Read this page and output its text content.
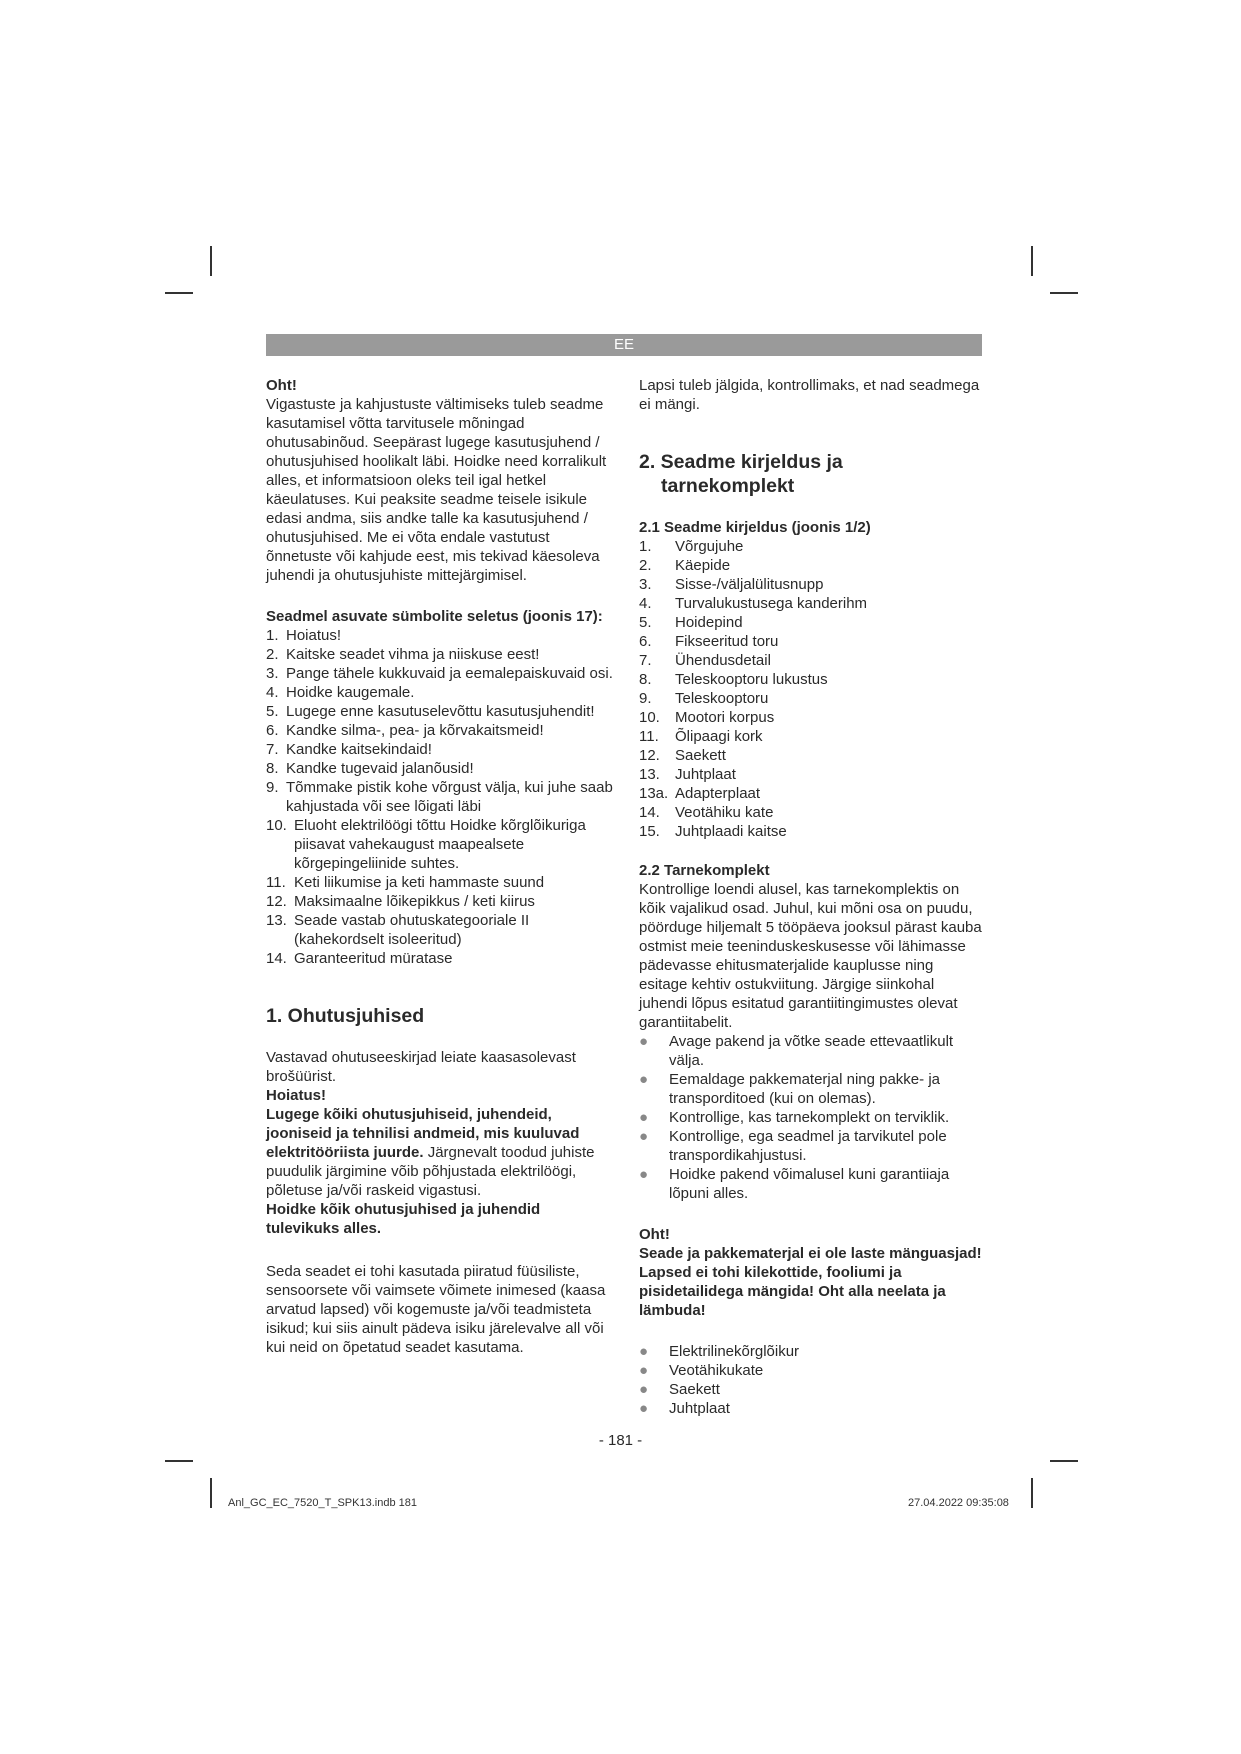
EE

Oht!

Vigastuste ja kahjustuste vältimiseks tuleb seadme kasutamisel võtta tarvitusele mõningad ohutusabinõud. Seepärast lugege kasutusjuhend / ohutusjuhised hoolikalt läbi. Hoidke need korralikult alles, et informatsioon oleks teil igal hetkel käeulatuses. Kui peaksite seadme teisele isikule edasi andma, siis andke talle ka kasutusjuhend / ohutusjuhised. Me ei võta endale vastutust õnnetuste või kahjude eest, mis tekivad käesoleva juhendi ja ohutusjuhiste mittejärgimisel.

Seadmel asuvate sümbolite seletus (joonis 17):

1. Hoiatus!
2. Kaitske seadet vihma ja niiskuse eest!
3. Pange tähele kukkuvaid ja eemalepaiskuvaid osi.
4. Hoidke kaugemale.
5. Lugege enne kasutuselevõttu kasutusjuhendit!
6. Kandke silma-, pea- ja kõrvakaitsmeid!
7. Kandke kaitsekindaid!
8. Kandke tugevaid jalanõusid!
9. Tõmmake pistik kohe võrgust välja, kui juhe saab kahjustada või see lõigati läbi
10. Eluoht elektrilöögi tõttu Hoidke kõrglõikuriga piisavat vahekaugust maapealsete kõrgepingeliinide suhtes.
11. Keti liikumise ja keti hammaste suund
12. Maksimaalne lõikepikkus / keti kiirus
13. Seade vastab ohutuskategooriale II (kahekordselt isoleeritud)
14. Garanteeritud müratase

1. Ohutusjuhised

Vastavad ohutuseeskirjad leiate kaasasolevast brošüürist.

Hoiatus!

Lugege kõiki ohutusjuhiseid, juhendeid, jooniseid ja tehnilisi andmeid, mis kuuluvad elektritööriista juurde. Järgnevalt toodud juhiste puudulik järgimine võib põhjustada elektrilöögi, põletuse ja/või raskeid vigastusi.

Hoidke kõik ohutusjuhised ja juhendid tulevikuks alles.

Seda seadet ei tohi kasutada piiratud füüsiliste, sensoorsete või vaimsete võimete inimesed (kaasa arvatud lapsed) või kogemuste ja/või teadmisteta isikud; kui siis ainult pädeva isiku järelevalve all või kui neid on õpetatud seadet kasutama.

Lapsi tuleb jälgida, kontrollimaks, et nad seadmega ei mängi.

2. Seadme kirjeldus ja
tarnekomplekt

2.1 Seadme kirjeldus (joonis 1/2)

1.	Võrgujuhe
2.	Käepide
3.	Sisse-/väljalülitusnupp
4.	Turvalukustusega kanderihm
5.	Hoidepind
6.	Fikseeritud toru
7.	Ühendusdetail
8.	Teleskooptoru lukustus
9.	Teleskooptoru
10.	Mootori korpus
11.	Õlipaagi kork
12.	Saekett
13.	Juhtplaat
13a. Adapterplaat
14.	Veotähiku kate
15.	Juhtplaadi kaitse

2.2 Tarnekomplekt

Kontrollige loendi alusel, kas tarnekomplektis on kõik vajalikud osad. Juhul, kui mõni osa on puudu, pöörduge hiljemalt 5 tööpäeva jooksul pärast kauba ostmist meie teeninduskeskusesse või lähimasse pädevasse ehitusmaterjalide kauplusse ning esitage kehtiv ostukviitung. Järgige siinkohal juhendi lõpus esitatud garantiitingimustes olevat garantiitabelit.

●	Avage pakend ja võtke seade ettevaatlikult välja.
●	Eemaldage pakkematerjal ning pakke- ja transporditoed (kui on olemas).
●	Kontrollige, kas tarnekomplekt on terviklik.
●	Kontrollige, ega seadmel ja tarvikutel pole transpordikahjustusi.
●	Hoidke pakend võimalusel kuni garantiiaja lõpuni alles.

Oht!

Seade ja pakkematerjal ei ole laste mänguasjad! Lapsed ei tohi kilekottide, fooliumi ja pisidetailidega mängida! Oht alla neelata ja lämbuda!

●	Elektrilinekõrglõikur
●	Veotähikukate
●	Saekett
●	Juhtplaat
- 181 -
Anl_GC_EC_7520_T_SPK13.indb 181	27.04.2022 09:35:08
